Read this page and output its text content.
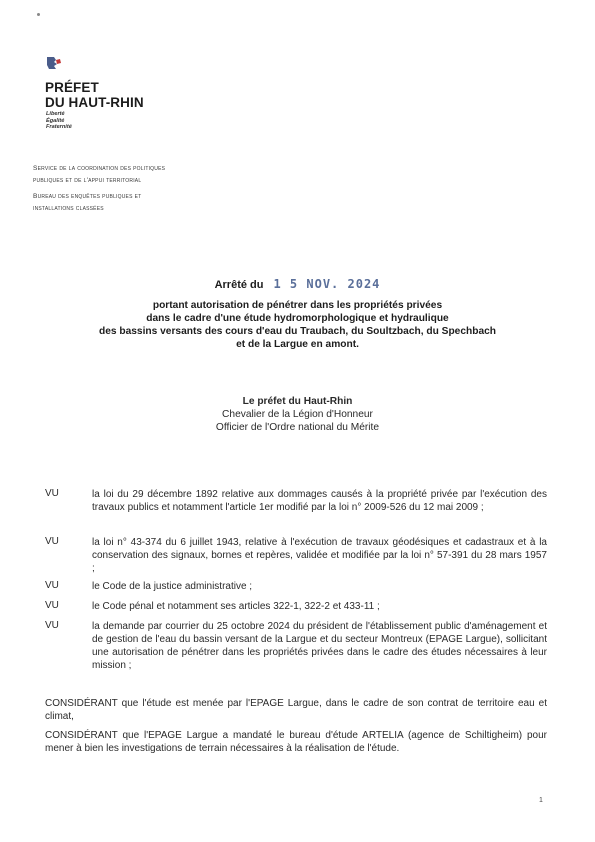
PRÉFET
DU HAUT-RHIN
Liberté
Égalité
Fraternité
Service de la coordination des politiques
publiques et de l'appui territorial
Bureau des enquêtes publiques et
installations classées
Arrêté du 1 5 NOV. 2024
portant autorisation de pénétrer dans les propriétés privées
dans le cadre d'une étude hydromorphologique et hydraulique
des bassins versants des cours d'eau du Traubach, du Soultzbach, du Spechbach
et de la Largue en amont.
Le préfet du Haut-Rhin
Chevalier de la Légion d'Honneur
Officier de l'Ordre national du Mérite
VU	la loi du 29 décembre 1892 relative aux dommages causés à la propriété privée par l'exécution des travaux publics et notamment l'article 1er modifié par la loi n° 2009-526 du 12 mai 2009 ;
VU	la loi n° 43-374 du 6 juillet 1943, relative à l'exécution de travaux géodésiques et cadastraux et à la conservation des signaux, bornes et repères, validée et modifiée par la loi n° 57-391 du 28 mars 1957 ;
VU	le Code de la justice administrative ;
VU	le Code pénal et notamment ses articles 322-1, 322-2 et 433-11 ;
VU	la demande par courrier du 25 octobre 2024 du président de l'établissement public d'aménagement et de gestion de l'eau du bassin versant de la Largue et du secteur Montreux (EPAGE Largue), sollicitant une autorisation de pénétrer dans les propriétés privées dans le cadre des études nécessaires à leur mission ;
CONSIDÉRANT que l'étude est menée par l'EPAGE Largue, dans le cadre de son contrat de territoire eau et climat,
CONSIDÉRANT que l'EPAGE Largue a mandaté le bureau d'étude ARTELIA (agence de Schiltigheim) pour mener à bien les investigations de terrain nécessaires à la réalisation de l'étude.
1
